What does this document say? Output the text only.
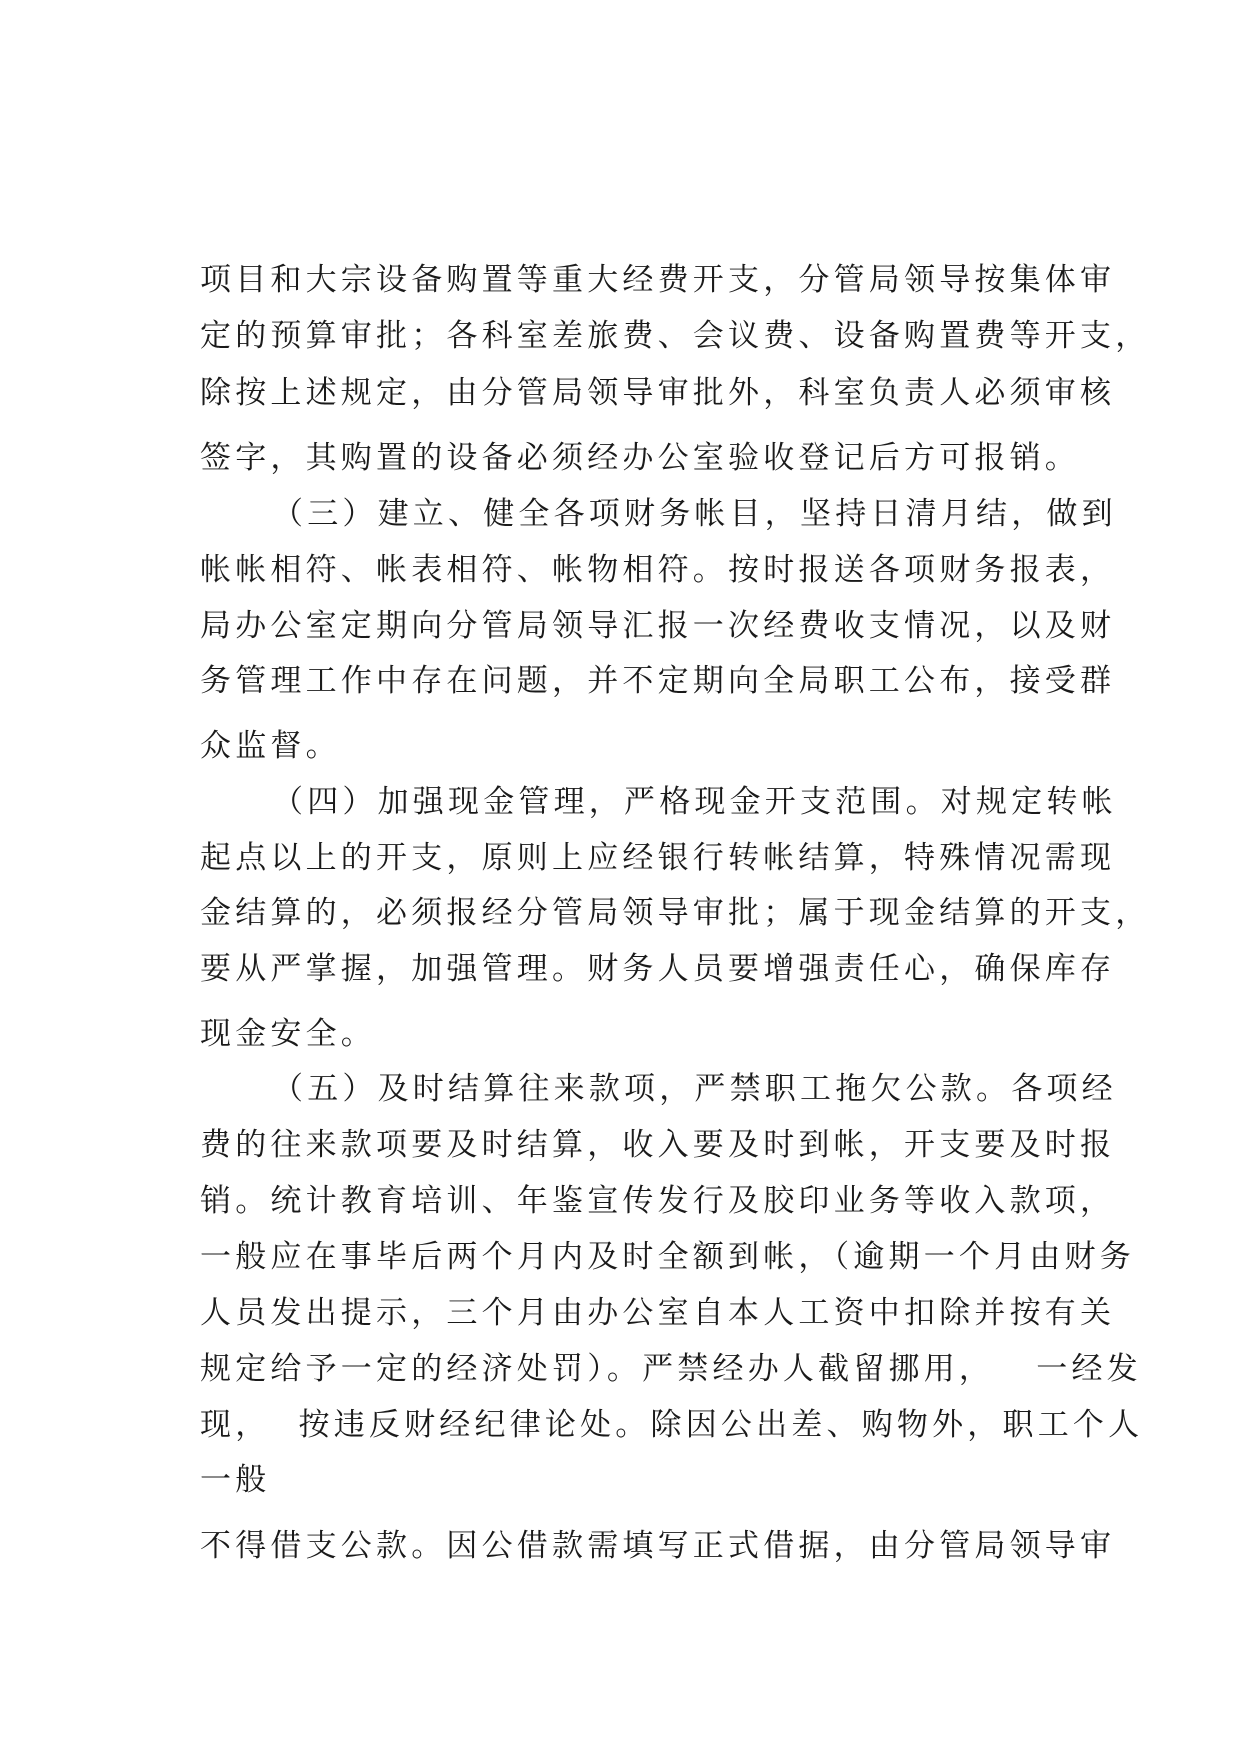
项目和大宗设备购置等重大经费开支，分管局领导按集体审
定的预算审批；各科室差旅费、会议费、设备购置费等开支，
除按上述规定，由分管局领导审批外，科室负责人必须审核
签字，其购置的设备必须经办公室验收登记后方可报销。
（三）建立、健全各项财务帐目，坚持日清月结，做到
帐帐相符、帐表相符、帐物相符。按时报送各项财务报表，
局办公室定期向分管局领导汇报一次经费收支情况，以及财
务管理工作中存在问题，并不定期向全局职工公布，接受群
众监督。
（四）加强现金管理，严格现金开支范围。对规定转帐
起点以上的开支，原则上应经银行转帐结算，特殊情况需现
金结算的，必须报经分管局领导审批；属于现金结算的开支，
要从严掌握，加强管理。财务人员要增强责任心，确保库存
现金安全。
（五）及时结算往来款项，严禁职工拖欠公款。各项经
费的往来款项要及时结算，收入要及时到帐，开支要及时报
销。统计教育培训、年鉴宣传发行及胶印业务等收入款项，
一般应在事毕后两个月内及时全额到帐，（逾期一个月由财务
人员发出提示，三个月由办公室自本人工资中扣除并按有关
规定给予一定的经济处罚）。严禁经办人截留挪用，   一经发
现，  按违反财经纪律论处。除因公出差、购物外，职工个人
一般
不得借支公款。因公借款需填写正式借据，由分管局领导审
